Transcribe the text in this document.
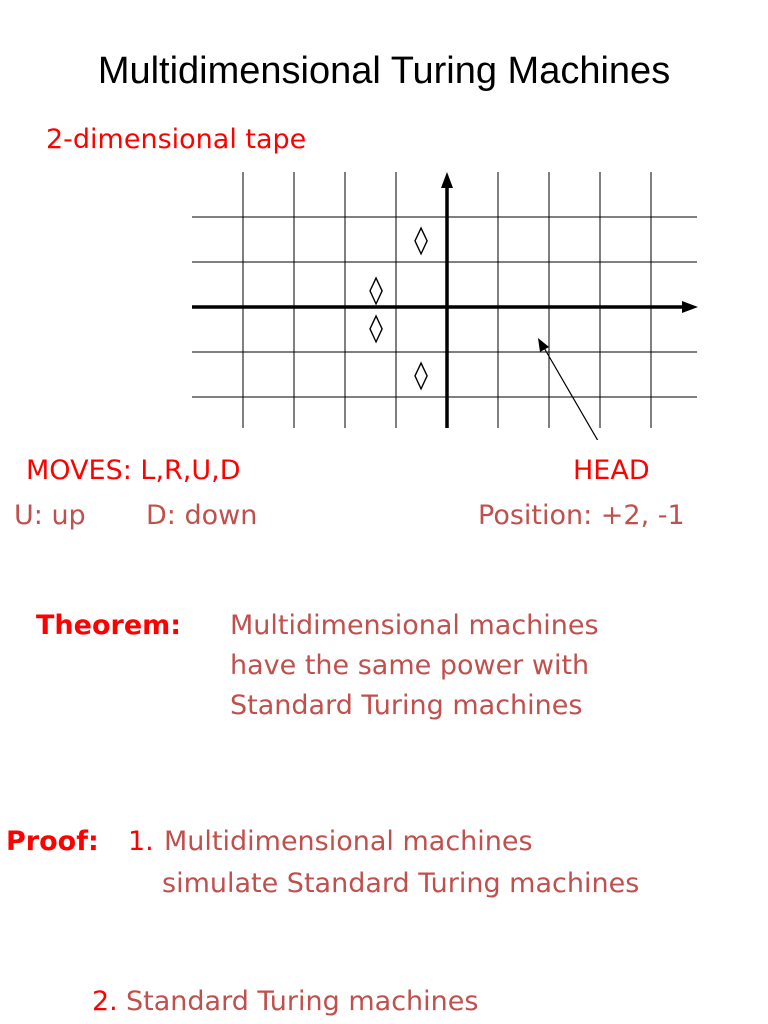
Multidimensional Turing Machines
2-dimensional tape
◊
◊
◊
◊
MOVES: L,R,U,D
U: up D: down
HEAD
Position: +2, -1
Theorem: Multidimensional machines
have the same power with
Standard Turing machines
Proof: 1. Multidimensional machines
simulate Standard Turing machines
2. Standard Turing machines
